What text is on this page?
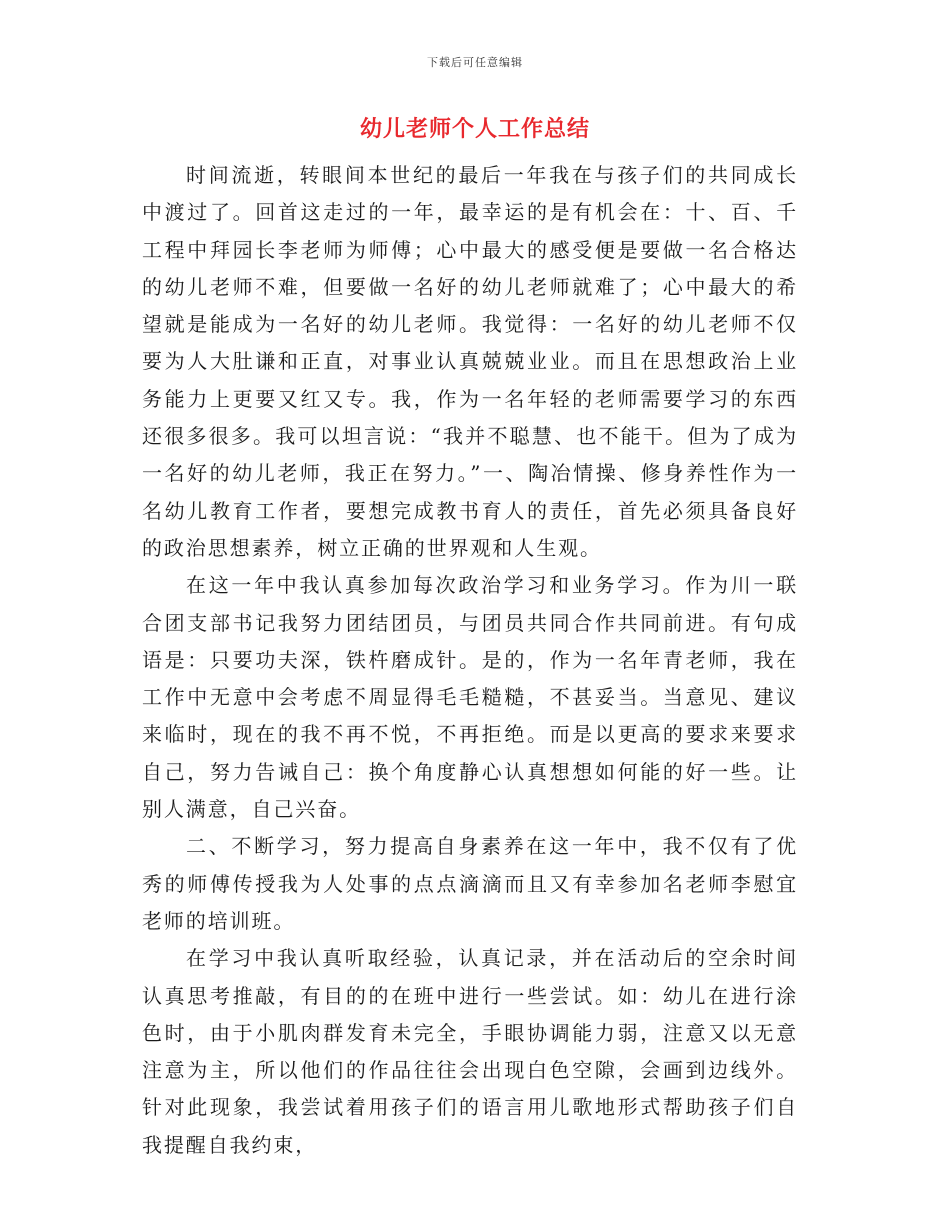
下载后可任意编辑
幼儿老师个人工作总结

时间流逝，转眼间本世纪的最后一年我在与孩子们的共同成长中渡过了。回首这走过的一年，最幸运的是有机会在：十、百、千工程中拜园长李老师为师傅；心中最大的感受便是要做一名合格达的幼儿老师不难，但要做一名好的幼儿老师就难了；心中最大的希望就是能成为一名好的幼儿老师。我觉得：一名好的幼儿老师不仅要为人大肚谦和正直，对事业认真兢兢业业。而且在思想政治上业务能力上更要又红又专。我，作为一名年轻的老师需要学习的东西还很多很多。我可以坦言说：“我并不聪慧、也不能干。但为了成为一名好的幼儿老师，我正在努力。”一、陶冶情操、修身养性作为一名幼儿教育工作者，要想完成教书育人的责任，首先必须具备良好的政治思想素养，树立正确的世界观和人生观。

在这一年中我认真参加每次政治学习和业务学习。作为川一联合团支部书记我努力团结团员，与团员共同合作共同前进。有句成语是：只要功夫深，铁杵磨成针。是的，作为一名年青老师，我在工作中无意中会考虑不周显得毛毛糙糙，不甚妥当。当意见、建议来临时，现在的我不再不悦，不再拒绝。而是以更高的要求来要求自己，努力告诫自己：换个角度静心认真想想如何能的好一些。让别人满意，自己兴奋。

二、不断学习，努力提高自身素养在这一年中，我不仅有了优秀的师傅传授我为人处事的点点滴滴而且又有幸参加名老师李慰宜老师的培训班。

在学习中我认真听取经验，认真记录，并在活动后的空余时间认真思考推敲，有目的的在班中进行一些尝试。如：幼儿在进行涂色时，由于小肌肉群发育未完全，手眼协调能力弱，注意又以无意注意为主，所以他们的作品往往会出现白色空隙，会画到边线外。针对此现象，我尝试着用孩子们的语言用儿歌地形式帮助孩子们自我提醒自我约束，
